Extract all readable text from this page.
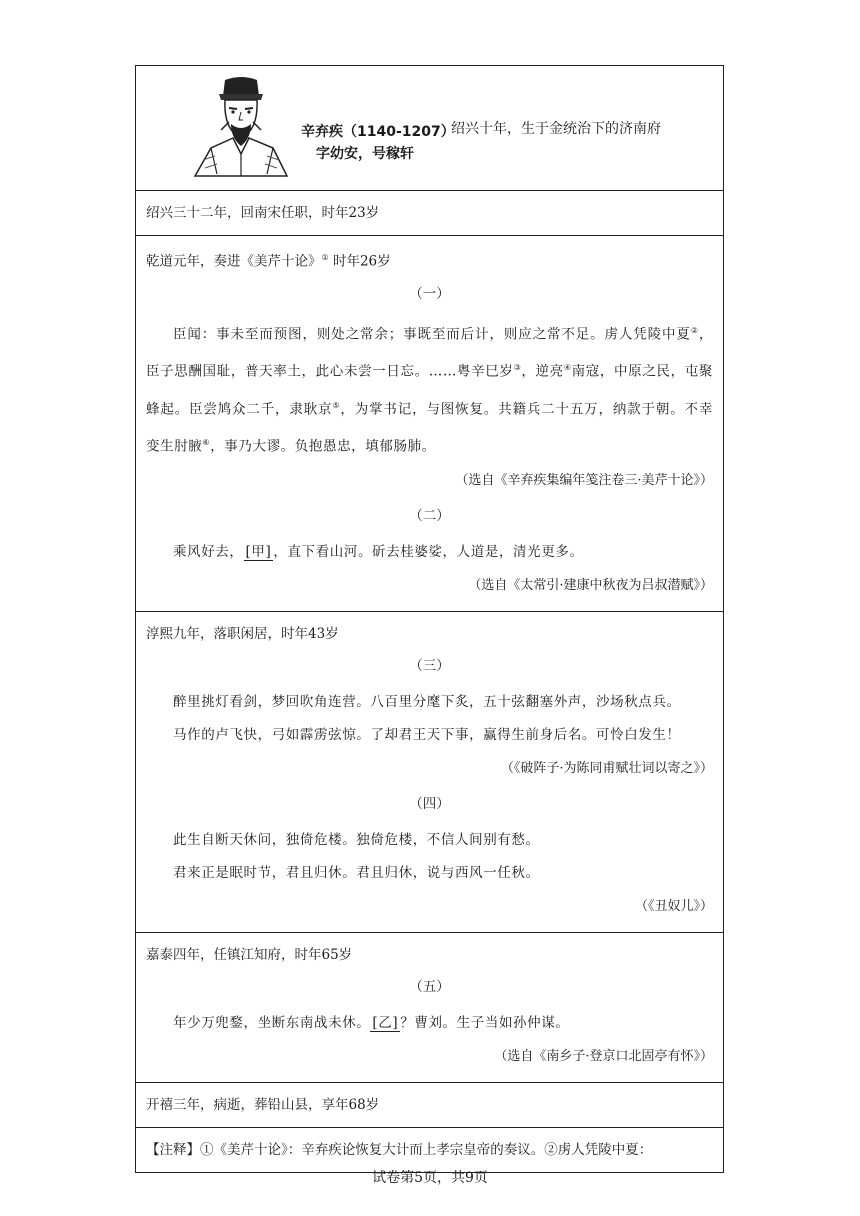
辛弃疾（1140-1207）
字幼安，号稼轩
绍兴十年，生于金统治下的济南府
绍兴三十二年，回南宋任职，时年23岁
乾道元年，奏进《美芹十论》① 时年26岁
（一）
臣闻：事未至而预图，则处之常余；事既至而后计，则应之常不足。虏人凭陵中夏②，臣子思酬国耻，普天率土，此心未尝一日忘。……粤辛巳岁③，逆亮④南寇，中原之民，屯聚蜂起。臣尝鸠众二千，隶耿京⑤，为掌书记，与图恢复。共籍兵二十五万，纳款于朝。不幸变生肘腋⑥，事乃大谬。负抱愚忠，填郁肠肺。
（选自《辛弃疾集编年笺注卷三·美芹十论》）
（二）
乘风好去， [甲] ，直下看山河。斫去桂婆娑，人道是，清光更多。
（选自《太常引·建康中秋夜为吕叔潜赋》）
淳熙九年，落职闲居，时年43岁
（三）
醉里挑灯看剑，梦回吹角连营。八百里分麾下炙，五十弦翻塞外声，沙场秋点兵。
马作的卢飞快，弓如霹雳弦惊。了却君王天下事，赢得生前身后名。可怜白发生！
（《破阵子·为陈同甫赋壮词以寄之》）
（四）
此生自断天休问，独倚危楼。独倚危楼，不信人间别有愁。
君来正是眠时节，君且归休。君且归休，说与西风一任秋。
（《丑奴儿》）
嘉泰四年，任镇江知府，时年65岁
（五）
年少万兜鍪，坐断东南战未休。 [乙] ？曹刘。生子当如孙仲谋。
（选自《南乡子·登京口北固亭有怀》）
开禧三年，病逝，葬铅山县，享年68岁
【注释】①《美芹十论》：辛弃疾论恢复大计而上孝宗皇帝的奏议。②虏人凭陵中夏：
试卷第5页，共9页
